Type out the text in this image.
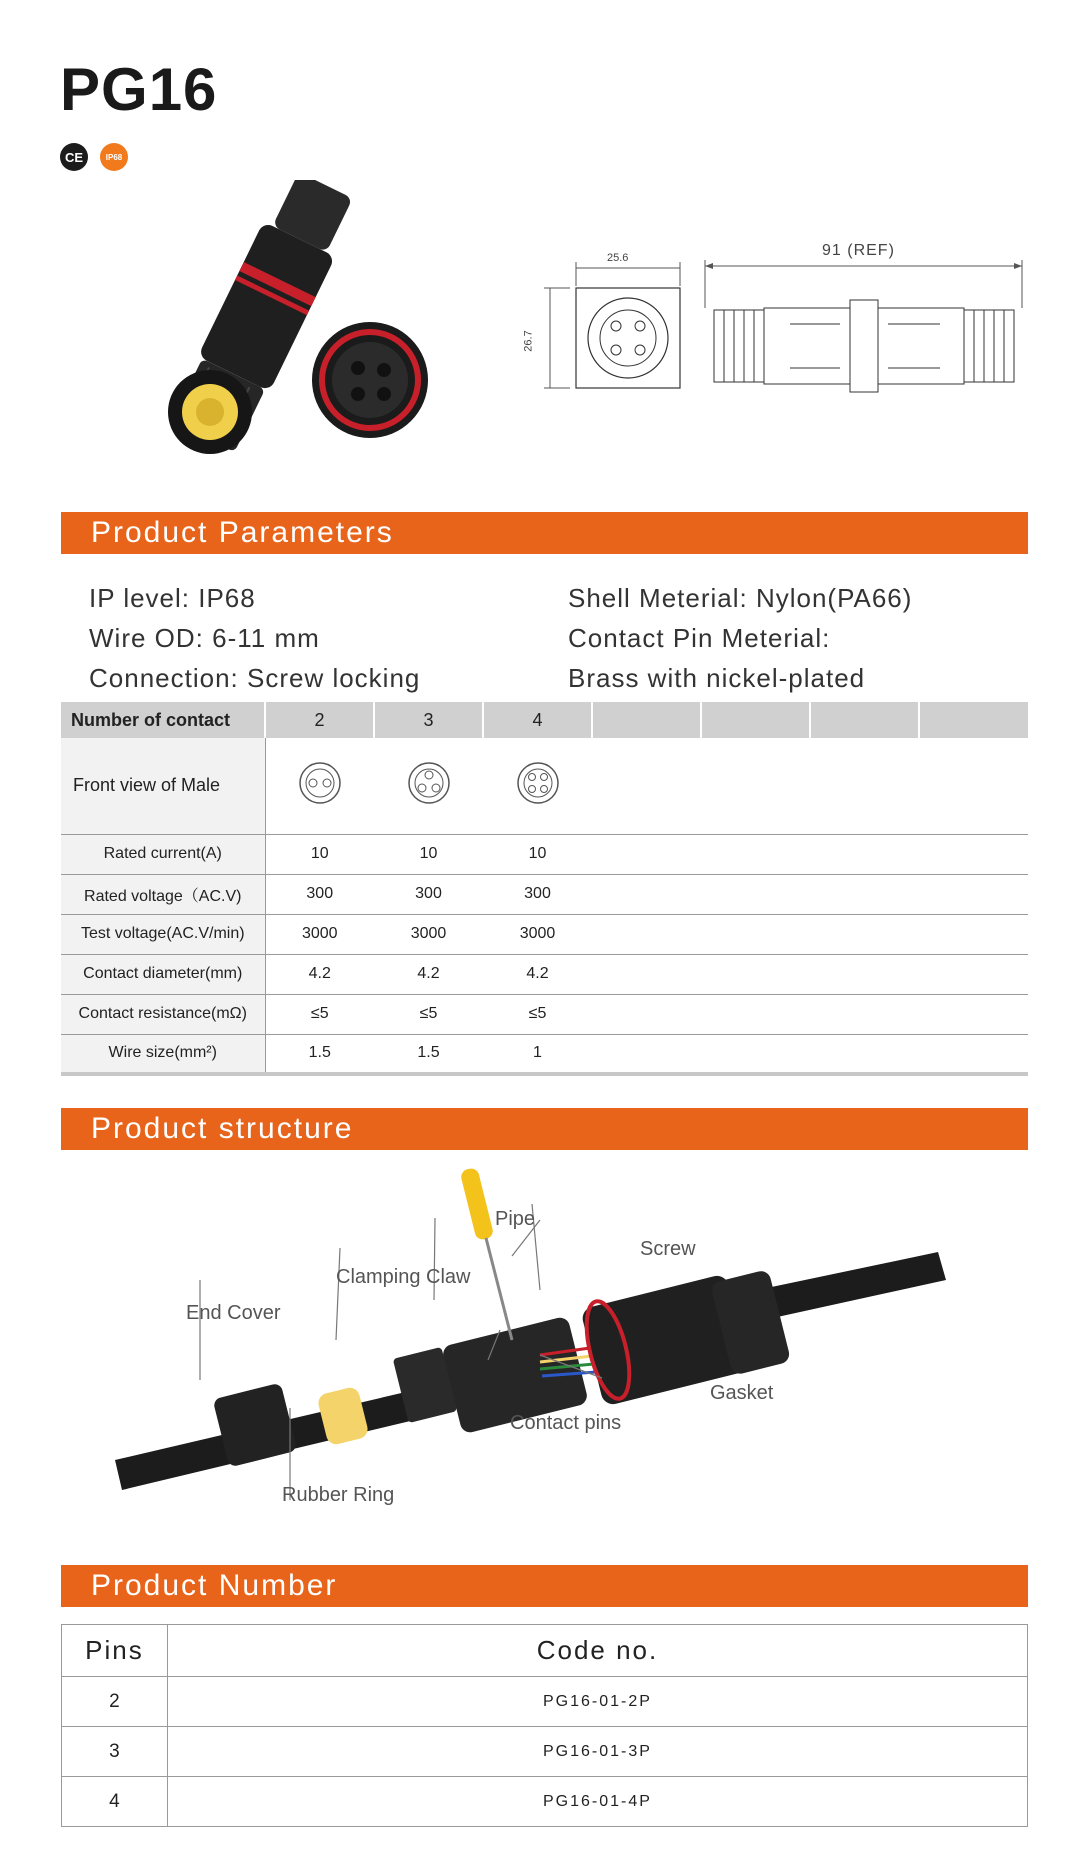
PG16
CE	IP68
25.6
26.7
91 (REF)
Product Parameters
IP level: IP68
Wire OD: 6-11 mm
Connection: Screw locking
Shell Meterial: Nylon(PA66)
Contact Pin Meterial:
Brass with nickel-plated
Number of contact	2	3	4				
Front view of Male				
Rated current(A)	10	10	10				
Rated voltage（AC.V)	300	300	300				
Test voltage(AC.V/min)	3000	3000	3000				
Contact diameter(mm)	4.2	4.2	4.2				
Contact resistance(mΩ)	≤5	≤5	≤5				
Wire size(mm²)	1.5	1.5	1				
Product structure
Pipe
Screw
Clamping Claw
End Cover
Gasket
Contact pins
Rubber Ring
Product Number
Pins	Code no.
2	PG16-01-2P
3	PG16-01-3P
4	PG16-01-4P
